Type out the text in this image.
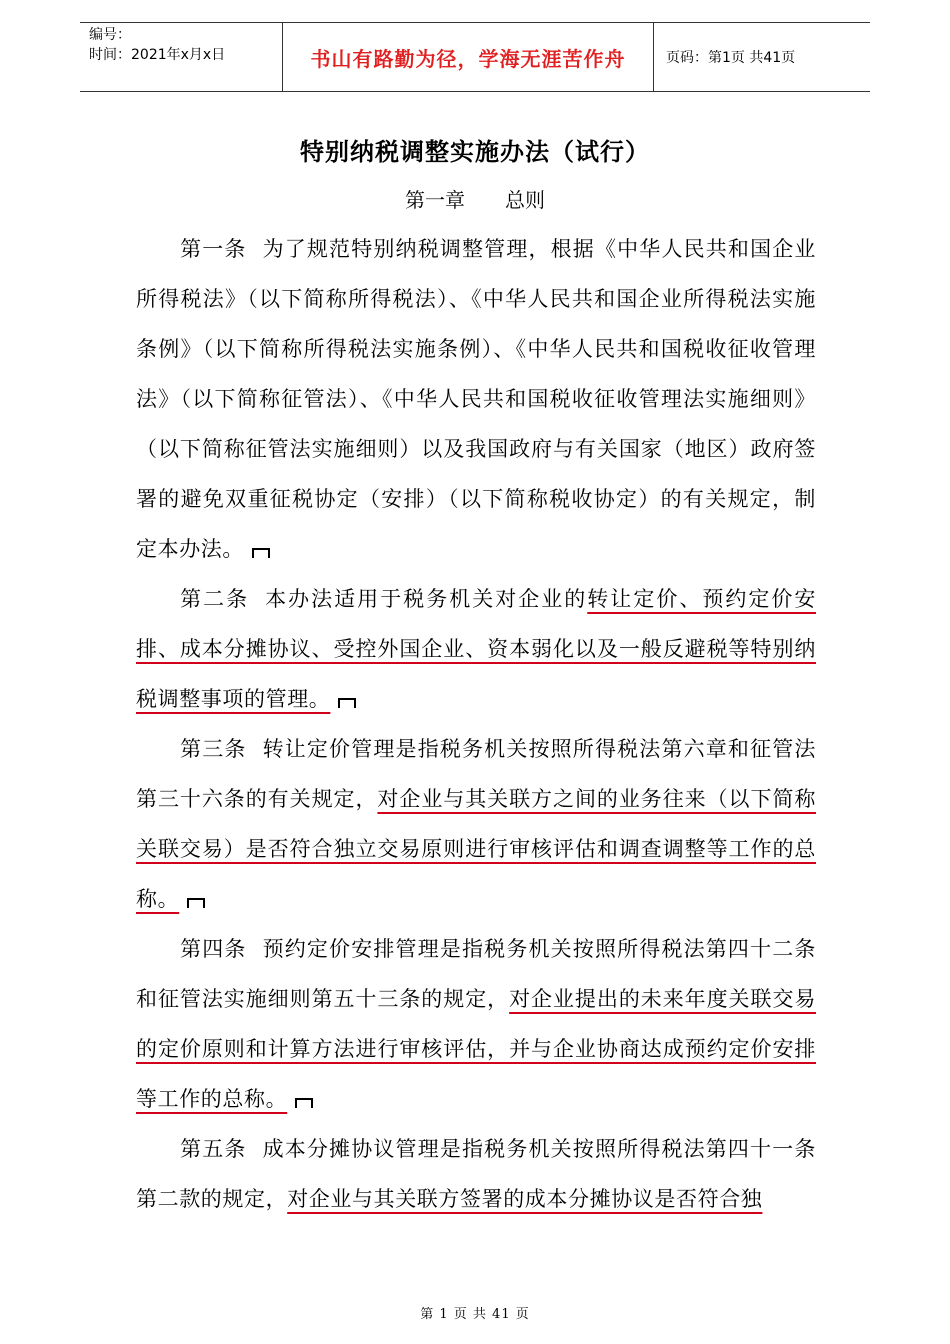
编号：
时间：2021年x月x日	书山有路勤为径，学海无涯苦作舟	页码：第1页 共41页
特别纳税调整实施办法（试行）
第一章 总则

第一条 为了规范特别纳税调整管理，根据《中华人民共和国企业所得税法》（以下简称所得税法）、《中华人民共和国企业所得税法实施条例》（以下简称所得税法实施条例）、《中华人民共和国税收征收管理法》（以下简称征管法）、《中华人民共和国税收征收管理法实施细则》（以下简称征管法实施细则）以及我国政府与有关国家（地区）政府签署的避免双重征税协定（安排）（以下简称税收协定）的有关规定，制定本办法。

第二条 本办法适用于税务机关对企业的转让定价、预约定价安排、成本分摊协议、受控外国企业、资本弱化以及一般反避税等特别纳税调整事项的管理。

第三条 转让定价管理是指税务机关按照所得税法第六章和征管法第三十六条的有关规定，对企业与其关联方之间的业务往来（以下简称关联交易）是否符合独立交易原则进行审核评估和调查调整等工作的总称。

第四条 预约定价安排管理是指税务机关按照所得税法第四十二条和征管法实施细则第五十三条的规定，对企业提出的未来年度关联交易的定价原则和计算方法进行审核评估，并与企业协商达成预约定价安排等工作的总称。

第五条 成本分摊协议管理是指税务机关按照所得税法第四十一条第二款的规定，对企业与其关联方签署的成本分摊协议是否符合独

第 1 页 共 41 页
